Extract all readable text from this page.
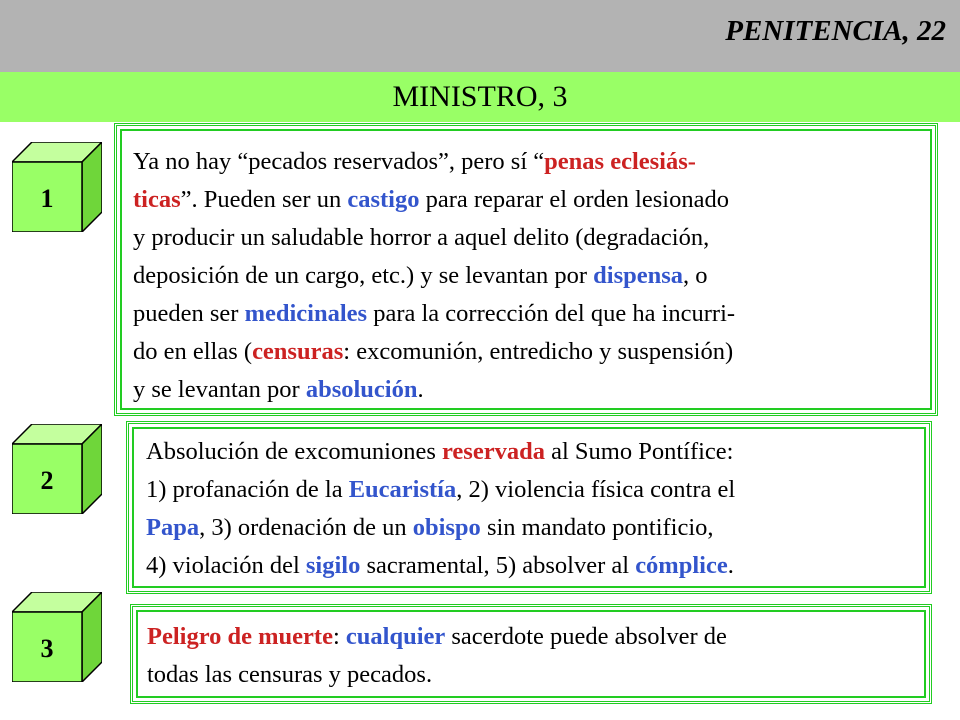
PENITENCIA, 22
MINISTRO, 3
1
Ya no hay “pecados reservados”, pero sí “penas eclesiás-
ticas”. Pueden ser un castigo para reparar el orden lesionado
y producir un saludable horror a aquel delito (degradación,
deposición de un cargo, etc.) y se levantan por dispensa, o
pueden ser medicinales para la corrección del que ha incurri-
do en ellas (censuras: excomunión, entredicho y suspensión)
y se levantan por absolución.
2
Absolución de excomuniones reservada al Sumo Pontífice:
1) profanación de la Eucaristía, 2) violencia física contra el
Papa, 3) ordenación de un obispo sin mandato pontificio,
4) violación del sigilo sacramental, 5) absolver al cómplice.
3	Peligro de muerte: cualquier sacerdote puede absolver de
todas las censuras y pecados.
